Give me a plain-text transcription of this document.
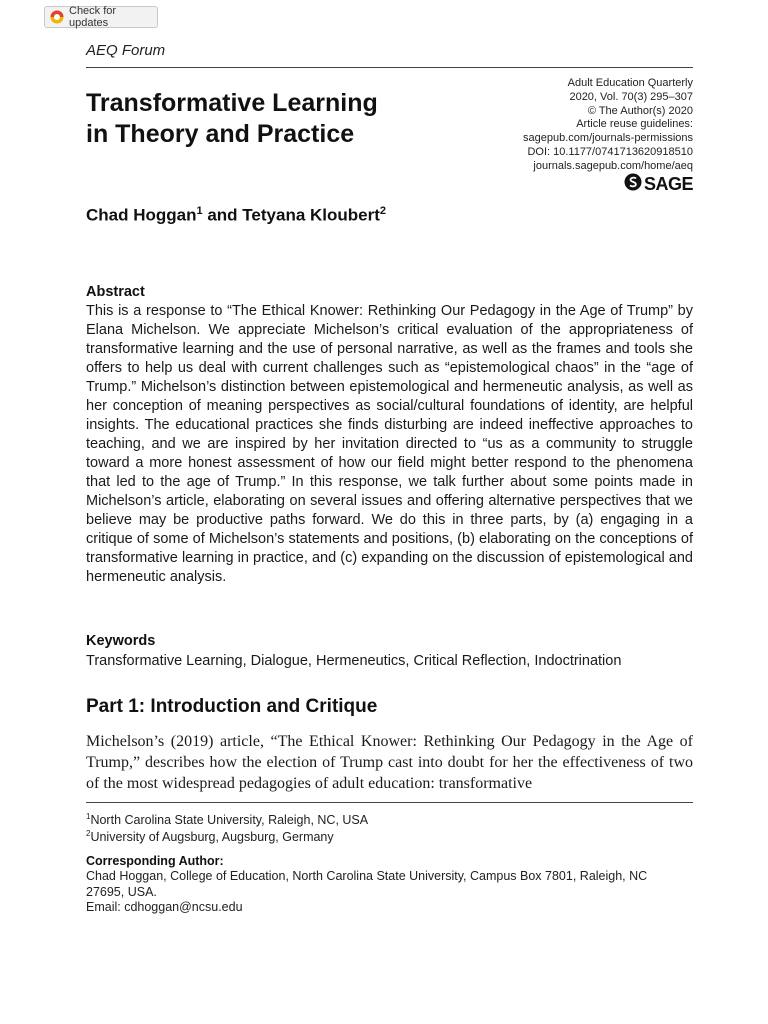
Check for updates
AEQ Forum
Transformative Learning
in Theory and Practice
Adult Education Quarterly
2020, Vol. 70(3) 295–307
© The Author(s) 2020
Article reuse guidelines:
sagepub.com/journals-permissions
DOI: 10.1177/0741713620918510
journals.sagepub.com/home/aeq
SAGE
Chad Hoggan$^1$ and Tetyana Kloubert$^2$
Abstract

This is a response to “The Ethical Knower: Rethinking Our Pedagogy in the Age of Trump” by Elana Michelson. We appreciate Michelson’s critical evaluation of the appropriateness of transformative learning and the use of personal narrative, as well as the frames and tools she offers to help us deal with current challenges such as “epistemological chaos” in the “age of Trump.” Michelson’s distinction between epistemological and hermeneutic analysis, as well as her conception of meaning perspectives as social/cultural foundations of identity, are helpful insights. The educational practices she finds disturbing are indeed ineffective approaches to teaching, and we are inspired by her invitation directed to “us as a community to struggle toward a more honest assessment of how our field might better respond to the phenomena that led to the age of Trump.” In this response, we talk further about some points made in Michelson’s article, elaborating on several issues and offering alternative perspectives that we believe may be productive paths forward. We do this in three parts, by (a) engaging in a critique of some of Michelson’s statements and positions, (b) elaborating on the conceptions of transformative learning in practice, and (c) expanding on the discussion of epistemological and hermeneutic analysis.

Keywords
Transformative Learning, Dialogue, Hermeneutics, Critical Reflection, Indoctrination
Part 1: Introduction and Critique

Michelson’s (2019) article, “The Ethical Knower: Rethinking Our Pedagogy in the Age of Trump,” describes how the election of Trump cast into doubt for her the effectiveness of two of the most widespread pedagogies of adult education: transformative

$^1$North Carolina State University, Raleigh, NC, USA
$^2$University of Augsburg, Augsburg, Germany
Corresponding Author:

Chad Hoggan, College of Education, North Carolina State University, Campus Box 7801, Raleigh, NC
27695, USA.
Email: cdhoggan@ncsu.edu
